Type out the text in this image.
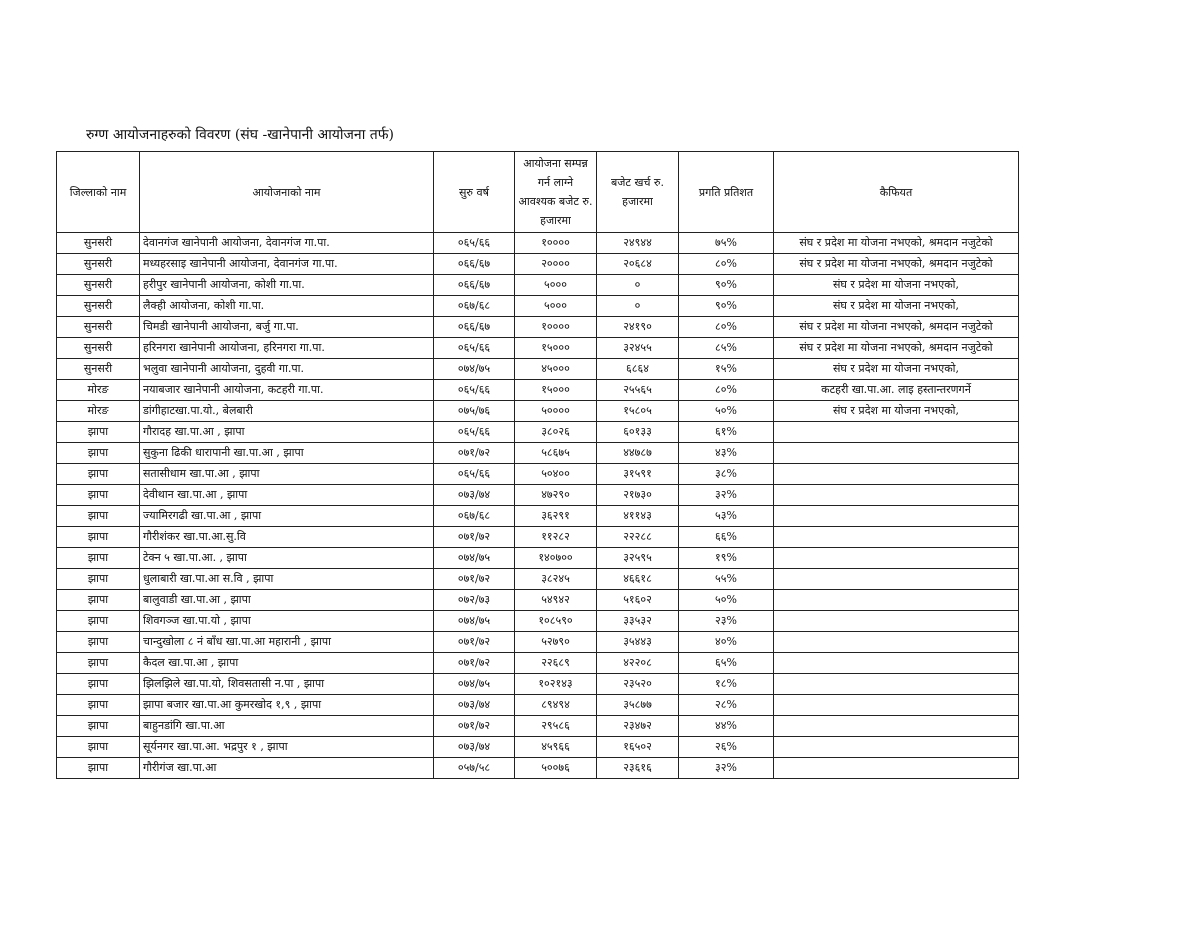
रुग्ण आयोजनाहरुको विवरण (संघ -खानेपानी आयोजना तर्फ)
जिल्लाको नाम	आयोजनाको नाम	सुरु वर्ष	आयोजना सम्पन्न गर्न लाग्ने आवश्यक बजेट रु. हजारमा	बजेट खर्च रु. हजारमा	प्रगति प्रतिशत	कैफियत
सुनसरी	देवानगंज खानेपानी आयोजना, देवानगंज गा.पा.	०६५/६६	१००००	२४९४४	७५%	संघ र प्रदेश मा योजना नभएको, श्रमदान नजुटेको
सुनसरी	मध्यहरसाइ खानेपानी आयोजना, देवानगंज गा.पा.	०६६/६७	२००००	२०६८४	८०%	संघ र प्रदेश मा योजना नभएको, श्रमदान नजुटेको
सुनसरी	हरीपुर खानेपानी आयोजना, कोशी गा.पा.	०६६/६७	५०००	०	९०%	संघ र प्रदेश मा योजना नभएको,
सुनसरी	लैक्ही आयोजना, कोशी गा.पा.	०६७/६८	५०००	०	९०%	संघ र प्रदेश मा योजना नभएको,
सुनसरी	चिमडी खानेपानी आयोजना, बर्जु गा.पा.	०६६/६७	१००००	२४१९०	८०%	संघ र प्रदेश मा योजना नभएको, श्रमदान नजुटेको
सुनसरी	हरिनगरा खानेपानी आयोजना, हरिनगरा गा.पा.	०६५/६६	१५०००	३२४५५	८५%	संघ र प्रदेश मा योजना नभएको, श्रमदान नजुटेको
सुनसरी	भलुवा खानेपानी आयोजना, दुहवी गा.पा.	०७४/७५	४५०००	६८६४	१५%	संघ र प्रदेश मा योजना नभएको,
मोरङ	नयाबजार खानेपानी आयोजना, कटहरी गा.पा.	०६५/६६	१५०००	२५५६५	८०%	कटहरी खा.पा.आ. लाइ हस्तान्तरणगर्ने
मोरङ	डांगीहाटखा.पा.यो., बेलबारी	०७५/७६	५००००	१५८०५	५०%	संघ र प्रदेश मा योजना नभएको,
झापा	गौरादह खा.पा.आ , झापा	०६५/६६	३८०२६	६०१३३	६१%	
झापा	सुकुना ढिकी धारापानी खा.पा.आ , झापा	०७१/७२	५८६७५	४४७८७	४३%	
झापा	सतासीधाम खा.पा.आ , झापा	०६५/६६	५०४००	३१५९१	३८%	
झापा	देवीथान खा.पा.आ , झापा	०७३/७४	४७२९०	२१७३०	३२%	
झापा	ज्यामिरगढी खा.पा.आ , झापा	०६७/६८	३६२९१	४११४३	५३%	
झापा	गौरीशंकर खा.पा.आ.सु.वि	०७१/७२	११२८२	२२२८८	६६%	
झापा	टेक्न ५ खा.पा.आ. , झापा	०७४/७५	१४०७००	३२५९५	१९%	
झापा	धुलाबारी खा.पा.आ स.वि , झापा	०७१/७२	३८२४५	४६६१८	५५%	
झापा	बालुवाडी खा.पा.आ , झापा	०७२/७३	५४९४२	५१६०२	५०%	
झापा	शिवगञ्ज खा.पा.यो , झापा	०७४/७५	१०८५९०	३३५३२	२३%	
झापा	चान्दुखोला ८ नं बाँध खा.पा.आ महारानी , झापा	०७१/७२	५२७९०	३५४४३	४०%	
झापा	कैदल खा.पा.आ , झापा	०७१/७२	२२६८९	४२२०८	६५%	
झापा	झिलझिले खा.पा.यो, शिवसतासी न.पा , झापा	०७४/७५	१०२१४३	२३५२०	१८%	
झापा	झापा बजार खा.पा.आ कुमरखोद १,९ , झापा	०७३/७४	८९४९४	३५८७७	२८%	
झापा	बाहुनडांगि खा.पा.आ	०७१/७२	२९५८६	२३४७२	४४%	
झापा	सूर्यनगर खा.पा.आ. भद्रपुर १ , झापा	०७३/७४	४५९६६	१६५०२	२६%	
झापा	गौरीगंज खा.पा.आ	०५७/५८	५००७६	२३६१६	३२%	
